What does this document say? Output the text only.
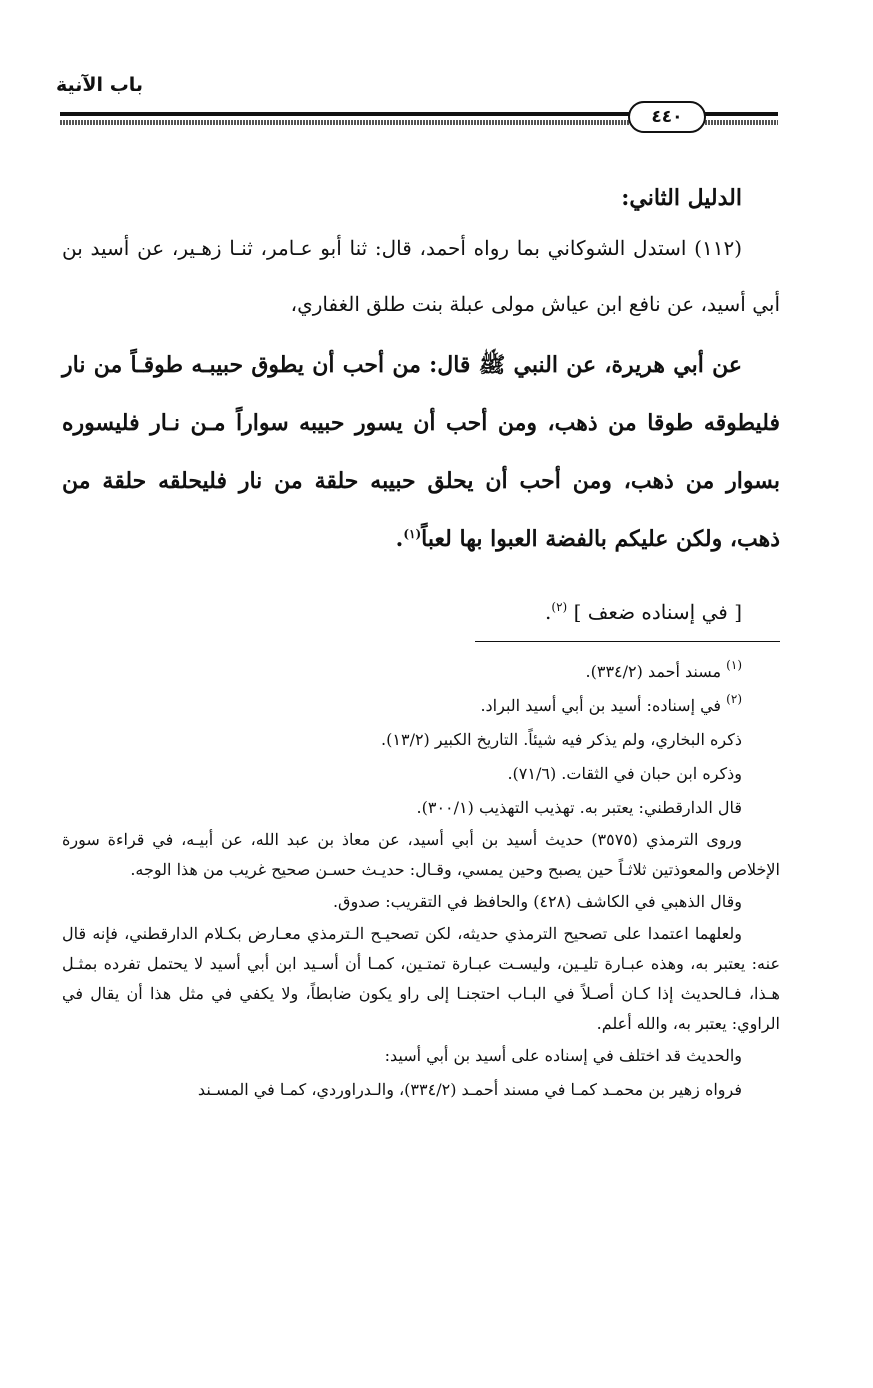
باب الآنية
٤٤٠

الدليل الثاني:

(١١٢) استدل الشوكاني بما رواه أحمد، قال: ثنا أبو عـامر، ثنـا زهـير، عن أسيد بن أبي أسيد، عن نافع ابن عياش مولى عبلة بنت طلق الغفاري،

عن أبي هريرة، عن النبي ﷺ قال: من أحب أن يطوق حبيبـه طوقـاً من نار فليطوقه طوقا من ذهب، ومن أحب أن يسور حبيبه سواراً مـن نـار فليسوره بسوار من ذهب، ومن أحب أن يحلق حبيبه حلقة من نار فليحلقه حلقة من ذهب، ولكن عليكم بالفضة العبوا بها لعباً$^{(١)}$.

[ في إسناده ضعف ] $^{(٢)}$.

$^{(١)}$ مسند أحمد (٣٣٤/٢).

$^{(٢)}$ في إسناده: أسيد بن أبي أسيد البراد.

ذكره البخاري، ولم يذكر فيه شيئاً. التاريخ الكبير (١٣/٢).

وذكره ابن حبان في الثقات. (٧١/٦).

قال الدارقطني: يعتبر به. تهذيب التهذيب (٣٠٠/١).

وروى الترمذي (٣٥٧٥) حديث أسيد بن أبي أسيد، عن معاذ بن عبد الله، عن أبيـه، في قراءة سورة الإخلاص والمعوذتين ثلاثـاً حين يصبح وحين يمسي، وقـال: حديـث حسـن صحيح غريب من هذا الوجه.

وقال الذهبي في الكاشف (٤٢٨) والحافظ في التقريب: صدوق.

ولعلهما اعتمدا على تصحيح الترمذي حديثه، لكن تصحيـح الـترمذي معـارض بكـلام الدارقطني، فإنه قال عنه: يعتبر به، وهذه عبـارة تليـين، وليسـت عبـارة تمتـين، كمـا أن أسـيد ابن أبي أسيد لا يحتمل تفرده بمثـل هـذا، فـالحديث إذا كـان أصـلاً في البـاب احتجنـا إلى راو يكون ضابطاً، ولا يكفي في مثل هذا أن يقال في الراوي: يعتبر به، والله أعلم.

والحديث قد اختلف في إسناده على أسيد بن أبي أسيد:

فرواه زهير بن محمـد كمـا في مسند أحمـد (٣٣٤/٢)، والـدراوردي، كمـا في المسـند
